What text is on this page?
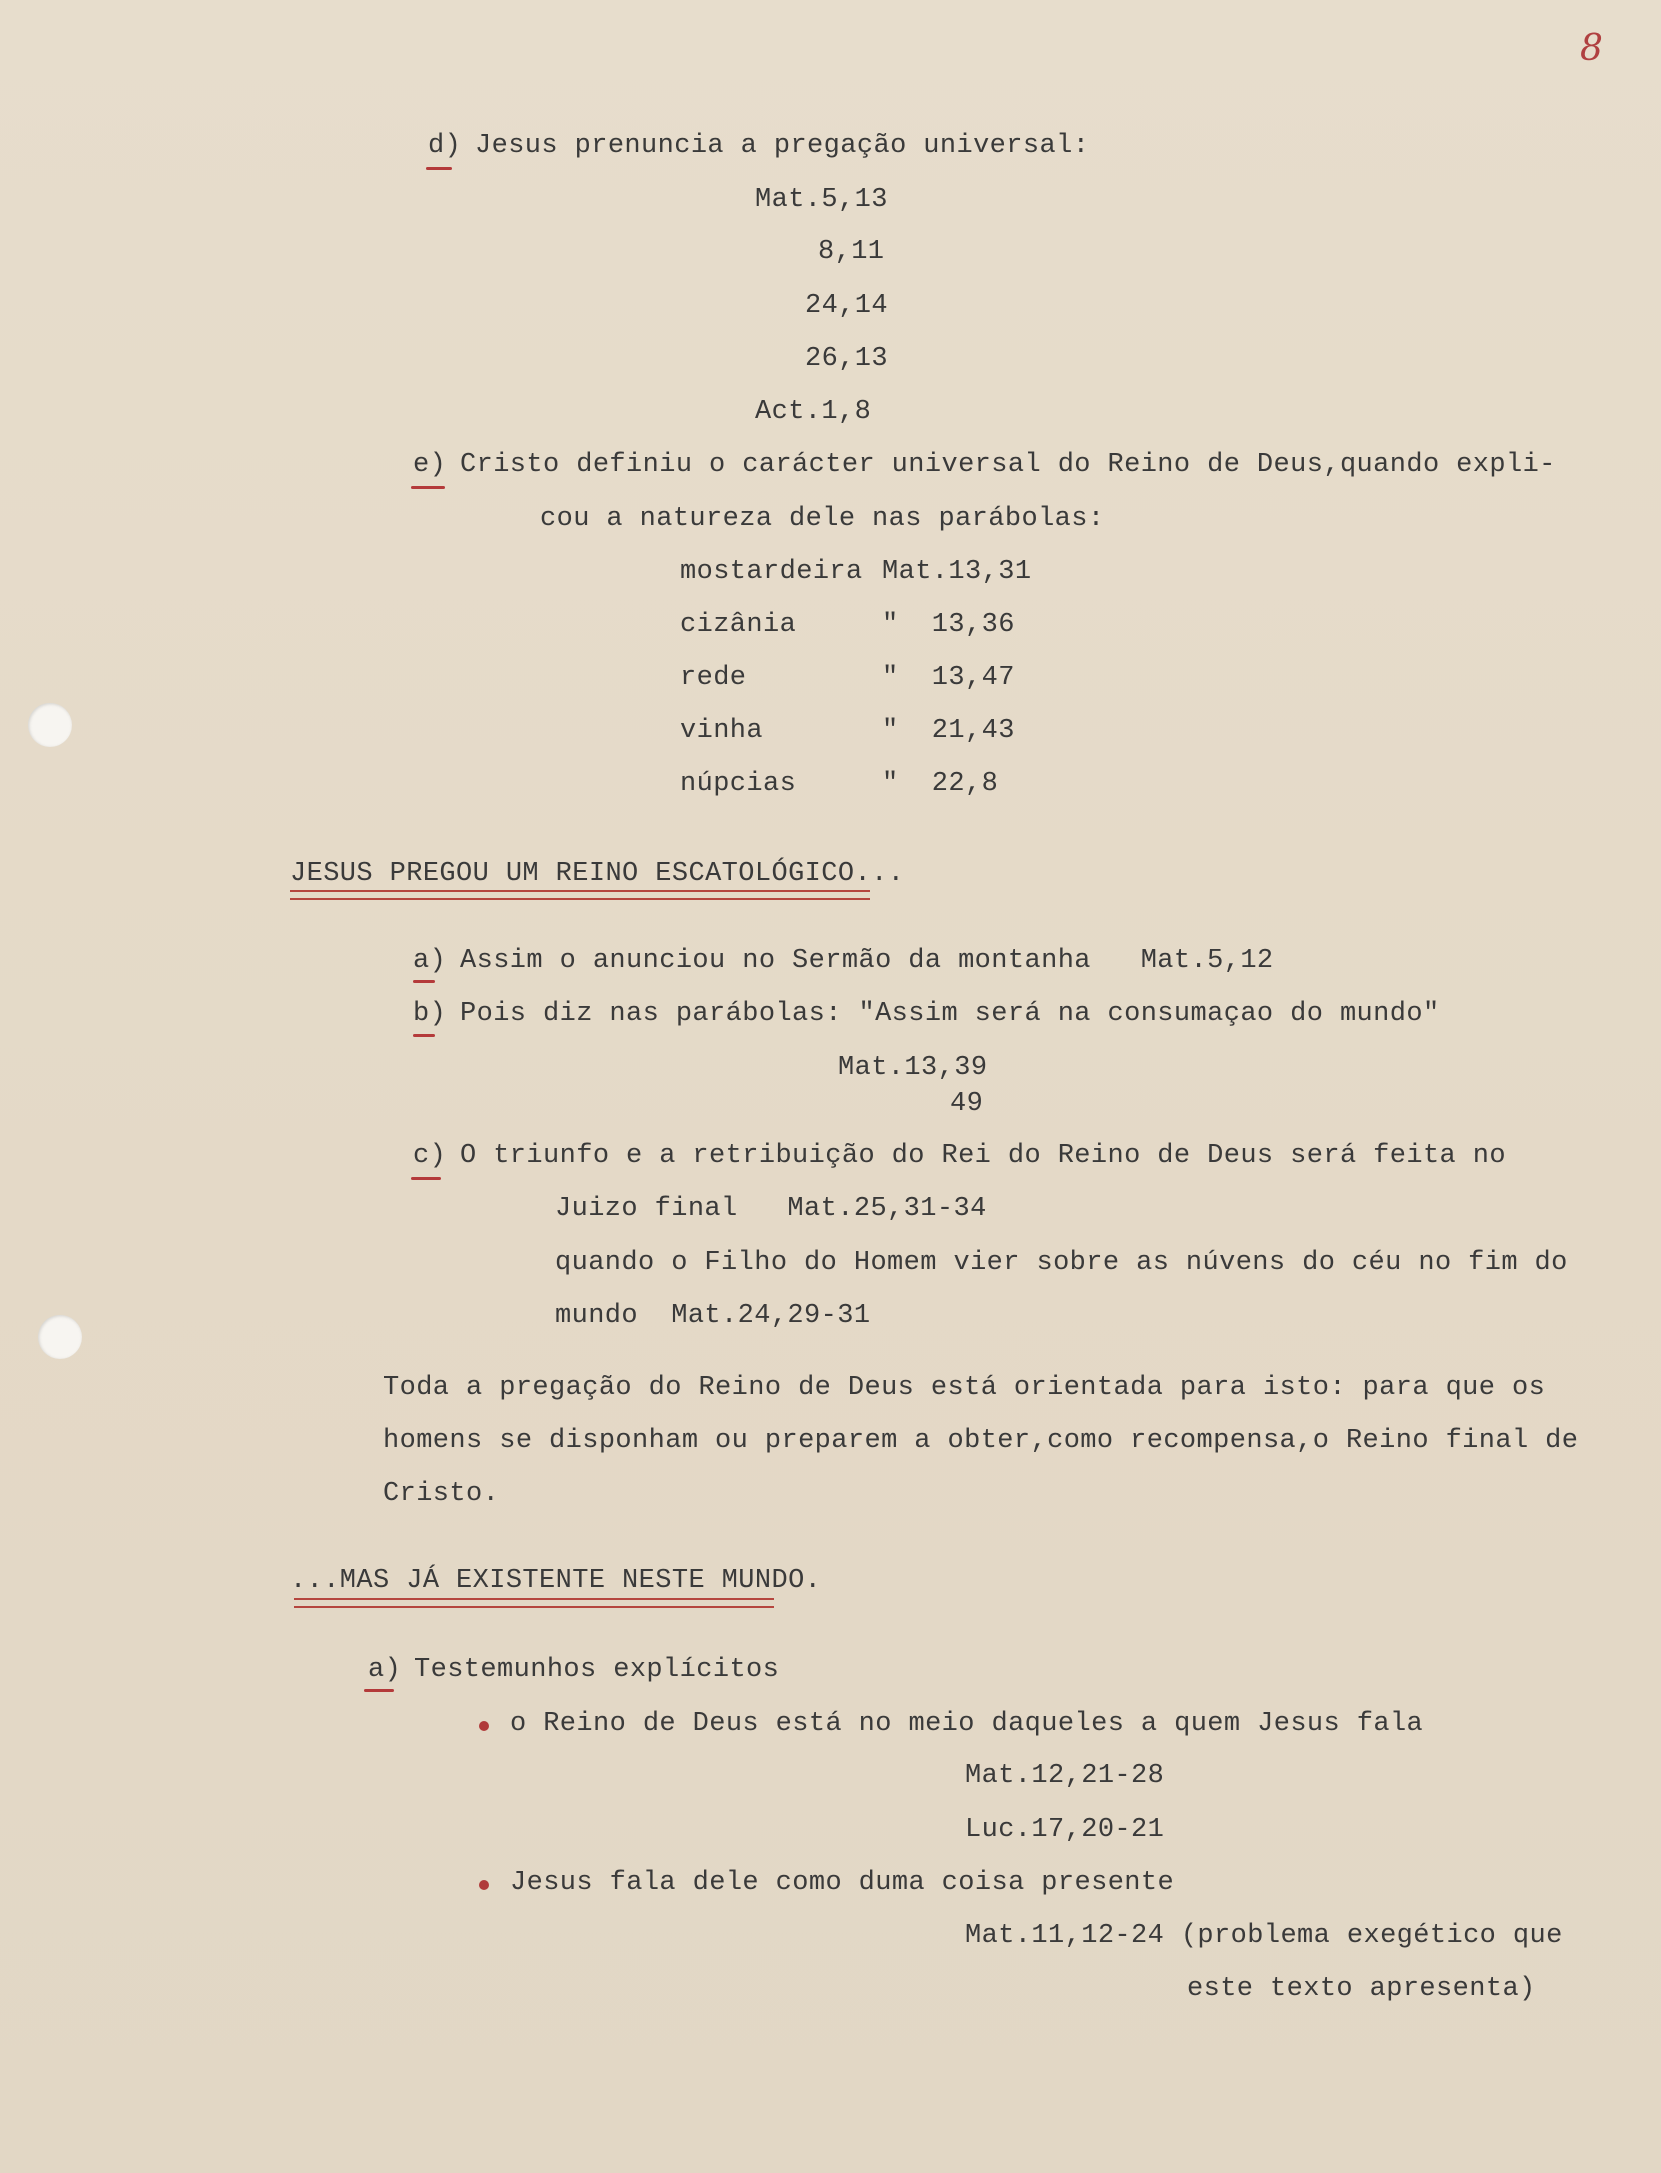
8
d) Jesus prenuncia a pregação universal:
Mat.5,13
8,11
24,14
26,13
Act.1,8
e) Cristo definiu o carácter universal do Reino de Deus,quando expli-
cou a natureza dele nas parábolas:
mostardeira Mat.13,31
cizânia	"  13,36
rede	"  13,47
vinha	"  21,43
núpcias	"  22,8
JESUS PREGOU UM REINO ESCATOLÓGICO...
a) Assim o anunciou no Sermão da montanha   Mat.5,12
b) Pois diz nas parábolas: "Assim será na consumaçao do mundo"
Mat.13,39
49
c) O triunfo e a retribuição do Rei do Reino de Deus será feita no
Juizo final   Mat.25,31-34
quando o Filho do Homem vier sobre as núvens do céu no fim do
mundo  Mat.24,29-31
Toda a pregação do Reino de Deus está orientada para isto: para que os
homens se disponham ou preparem a obter,como recompensa,o Reino final de
Cristo.
...MAS JÁ EXISTENTE NESTE MUNDO.
a) Testemunhos explícitos
o Reino de Deus está no meio daqueles a quem Jesus fala
Mat.12,21-28
Luc.17,20-21
Jesus fala dele como duma coisa presente
Mat.11,12-24 (problema exegético que
este texto apresenta)
